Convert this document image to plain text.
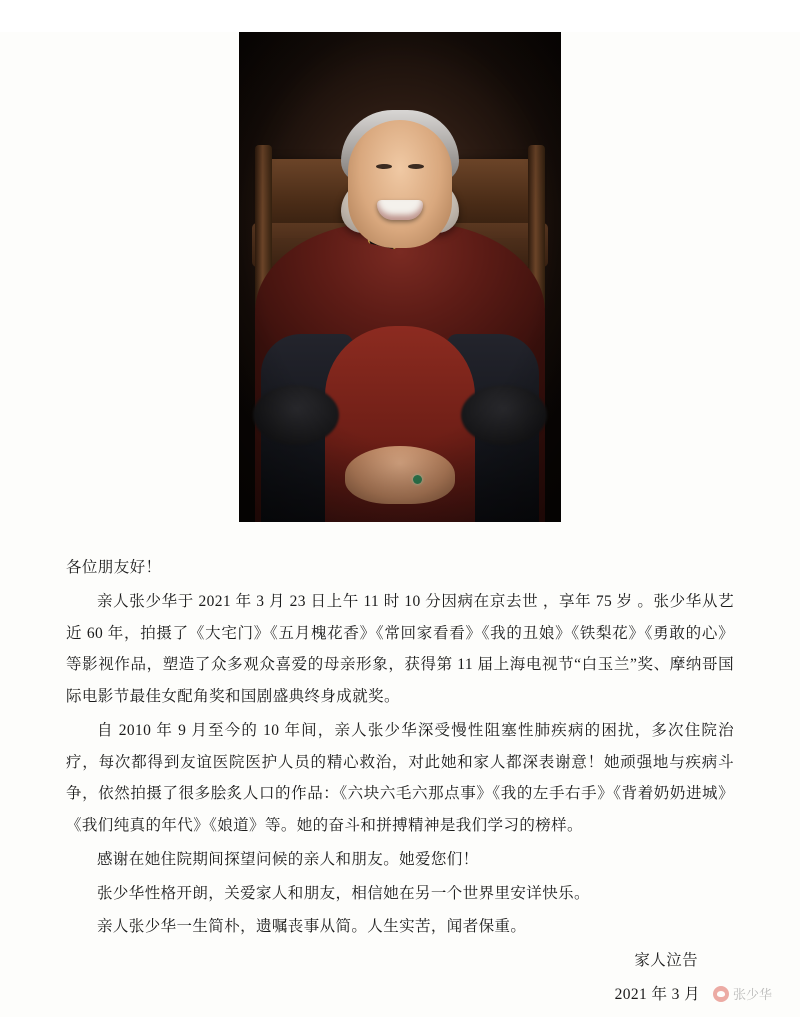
各位朋友好！

亲人张少华于 2021 年 3 月 23 日上午 11 时 10 分因病在京去世 ，享年 75 岁 。张少华从艺近 60 年，拍摄了《大宅门》《五月槐花香》《常回家看看》《我的丑娘》《铁梨花》《勇敢的心》等影视作品，塑造了众多观众喜爱的母亲形象，获得第 11 届上海电视节“白玉兰”奖、摩纳哥国际电影节最佳女配角奖和国剧盛典终身成就奖。

自 2010 年 9 月至今的 10 年间，亲人张少华深受慢性阻塞性肺疾病的困扰，多次住院治疗，每次都得到友谊医院医护人员的精心救治，对此她和家人都深表谢意！她顽强地与疾病斗争，依然拍摄了很多脍炙人口的作品：《六块六毛六那点事》《我的左手右手》《背着奶奶进城》《我们纯真的年代》《娘道》等。她的奋斗和拼搏精神是我们学习的榜样。

感谢在她住院期间探望问候的亲人和朋友。她爱您们！

张少华性格开朗，关爱家人和朋友，相信她在另一个世界里安详快乐。

亲人张少华一生简朴，遗嘱丧事从简。人生实苦，闻者保重。

家人泣告

2021 年 3 月	张少华
